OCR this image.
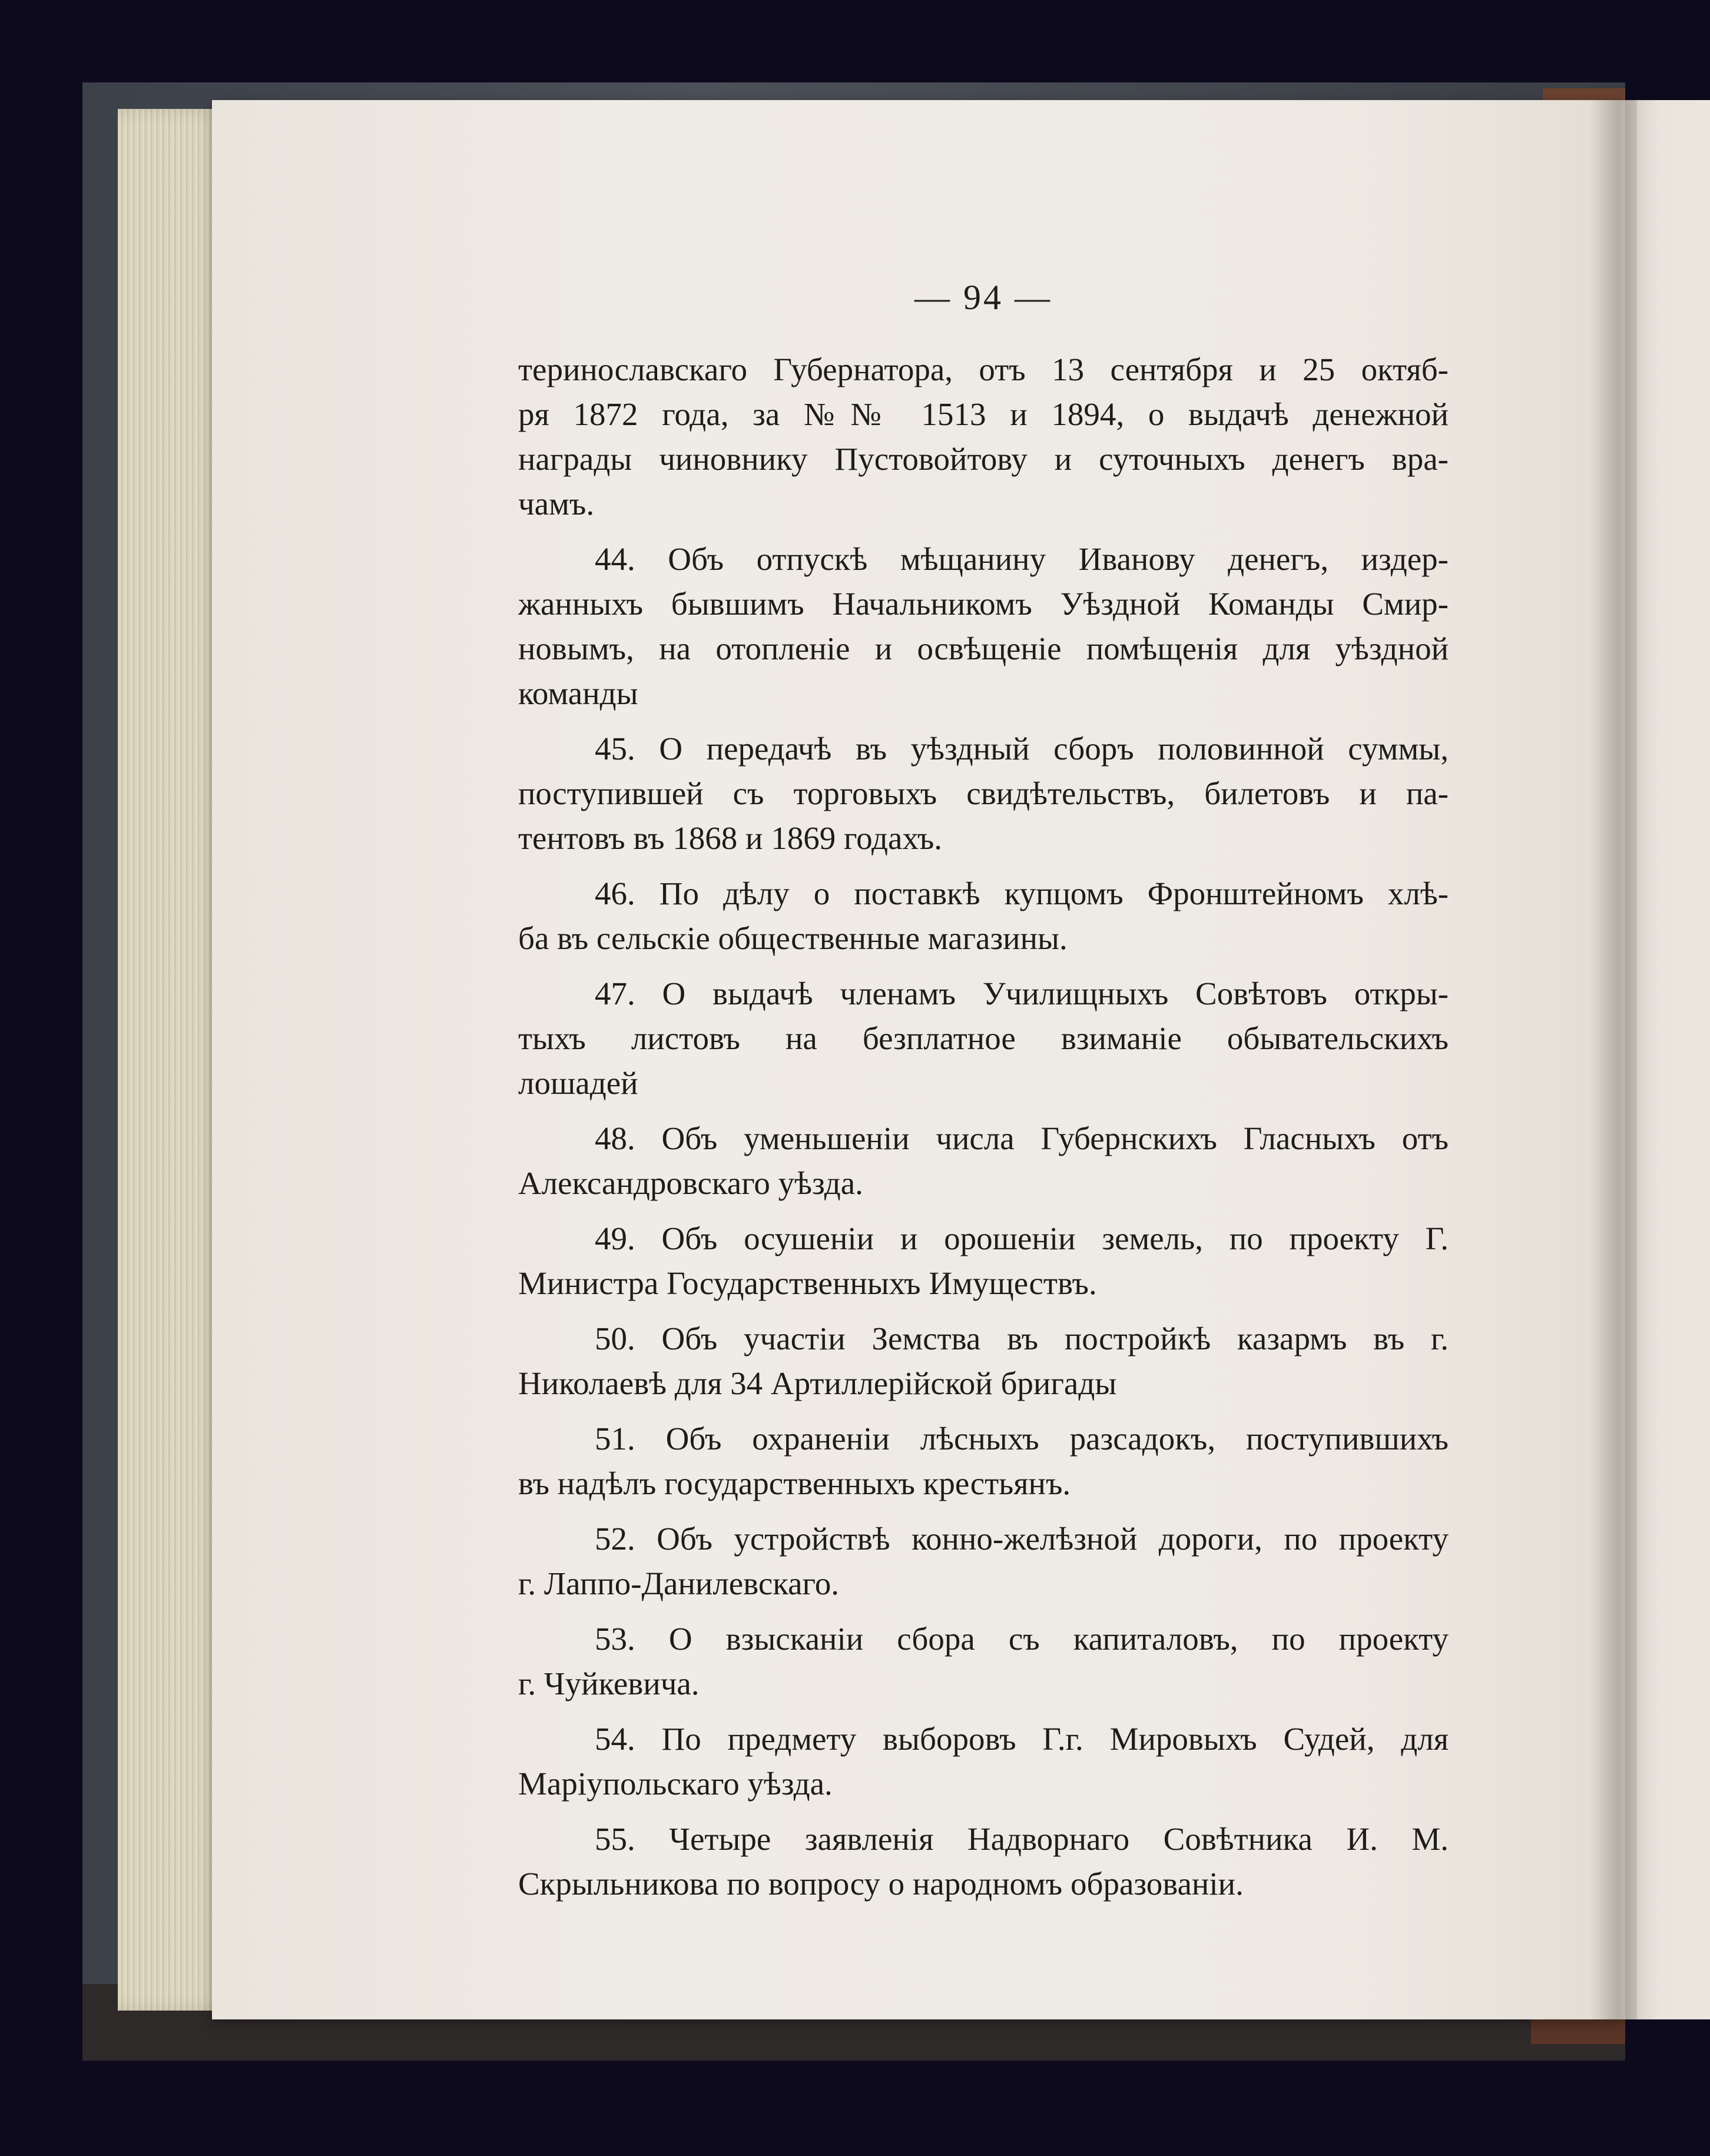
— 94 —
теринославскаго Губернатора, отъ 13 сентября и 25 октяб-
ря 1872 года, за №№ 1513 и 1894, о выдачѣ денежной
награды чиновнику Пустовойтову и суточныхъ денегъ вра-
чамъ.
44. Объ отпускѣ мѣщанину Иванову денегъ, издер-
жанныхъ бывшимъ Начальникомъ Уѣздной Команды Смир-
новымъ, на отопленіе и освѣщеніе помѣщенія для уѣздной
команды
45. О передачѣ въ уѣздный сборъ половинной суммы,
поступившей съ торговыхъ свидѣтельствъ, билетовъ и па-
тентовъ въ 1868 и 1869 годахъ.
46. По дѣлу о поставкѣ купцомъ Фронштейномъ хлѣ-
ба въ сельскіе общественные магазины.
47. О выдачѣ членамъ Училищныхъ Совѣтовъ откры-
тыхъ листовъ на безплатное взиманіе обывательскихъ
лошадей
48. Объ уменьшеніи числа Губернскихъ Гласныхъ отъ
Александровскаго уѣзда.
49. Объ осушеніи и орошеніи земель, по проекту Г.
Министра Государственныхъ Имуществъ.
50. Объ участіи Земства въ постройкѣ казармъ въ г.
Николаевѣ для 34 Артиллерійской бригады
51. Объ охраненіи лѣсныхъ разсадокъ, поступившихъ
въ надѣлъ государственныхъ крестьянъ.
52. Объ устройствѣ конно-желѣзной дороги, по проекту
г. Лаппо-Данилевскаго.
53. О взысканіи сбора съ капиталовъ, по проекту
г. Чуйкевича.
54. По предмету выборовъ Г.г. Мировыхъ Судей, для
Маріупольскаго уѣзда.
55. Четыре заявленія Надворнаго Совѣтника И. М.
Скрыльникова по вопросу о народномъ образованіи.
